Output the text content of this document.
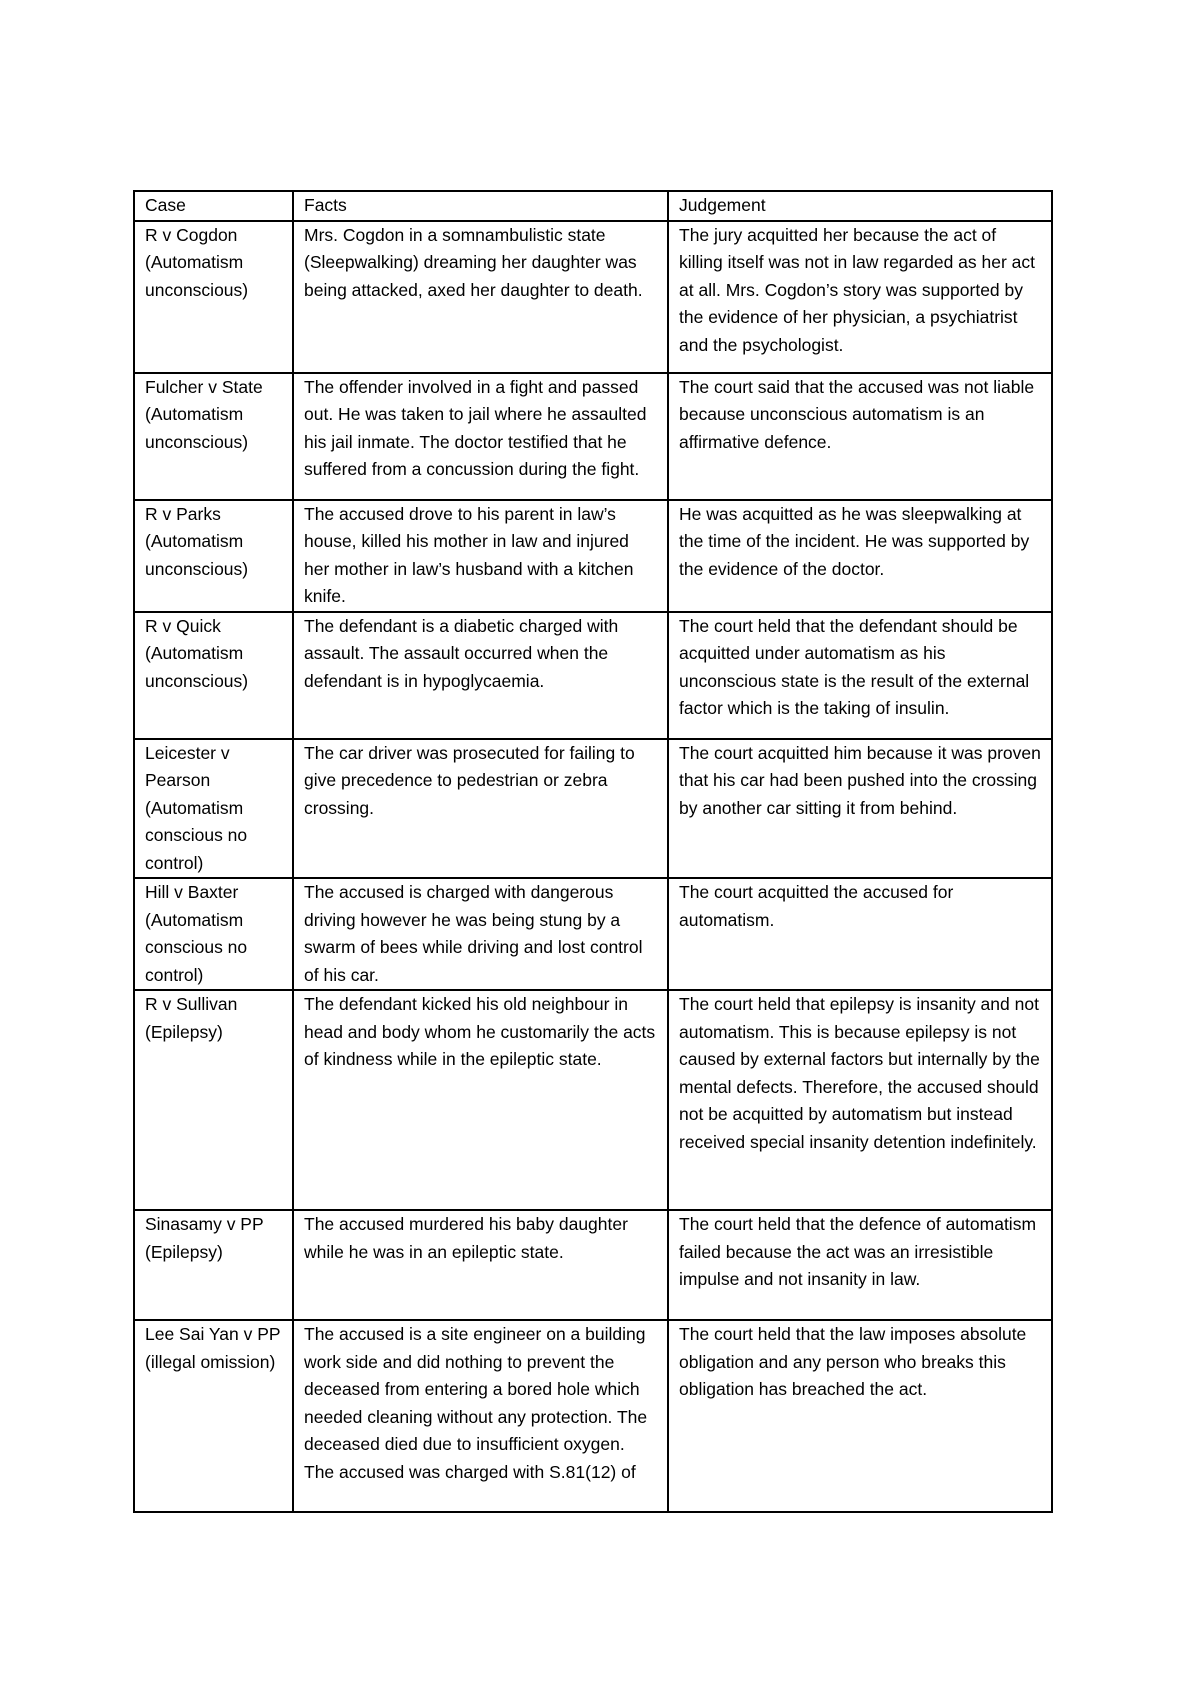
Case	Facts	Judgement
R v Cogdon (Automatism unconscious)	Mrs. Cogdon in a somnambulistic state (Sleepwalking) dreaming her daughter was being attacked, axed her daughter to death.	The jury acquitted her because the act of killing itself was not in law regarded as her act at all. Mrs. Cogdon’s story was supported by the evidence of her physician, a psychiatrist and the psychologist.
Fulcher v State (Automatism unconscious)	The offender involved in a fight and passed out. He was taken to jail where he assaulted his jail inmate. The doctor testified that he suffered from a concussion during the fight.	The court said that the accused was not liable because unconscious automatism is an affirmative defence.
R v Parks (Automatism unconscious)	The accused drove to his parent in law’s house, killed his mother in law and injured her mother in law’s husband with a kitchen knife.	He was acquitted as he was sleepwalking at the time of the incident. He was supported by the evidence of the doctor.
R v Quick (Automatism unconscious)	The defendant is a diabetic charged with assault. The assault occurred when the defendant is in hypoglycaemia.	The court held that the defendant should be acquitted under automatism as his unconscious state is the result of the external factor which is the taking of insulin.
Leicester v Pearson (Automatism conscious no control)	The car driver was prosecuted for failing to give precedence to pedestrian or zebra crossing.	The court acquitted him because it was proven that his car had been pushed into the crossing by another car sitting it from behind.
Hill v Baxter (Automatism conscious no control)	The accused is charged with dangerous driving however he was being stung by a swarm of bees while driving and lost control of his car.	The court acquitted the accused for automatism.
R v Sullivan (Epilepsy)	The defendant kicked his old neighbour in head and body whom he customarily the acts of kindness while in the epileptic state.	The court held that epilepsy is insanity and not automatism. This is because epilepsy is not caused by external factors but internally by the mental defects. Therefore, the accused should not be acquitted by automatism but instead received special insanity detention indefinitely.
Sinasamy v PP (Epilepsy)	The accused murdered his baby daughter while he was in an epileptic state.	The court held that the defence of automatism failed because the act was an irresistible impulse and not insanity in law.
Lee Sai Yan v PP (illegal omission)	The accused is a site engineer on a building work side and did nothing to prevent the deceased from entering a bored hole which needed cleaning without any protection. The deceased died due to insufficient oxygen. The accused was charged with S.81(12) of	The court held that the law imposes absolute obligation and any person who breaks this obligation has breached the act.
